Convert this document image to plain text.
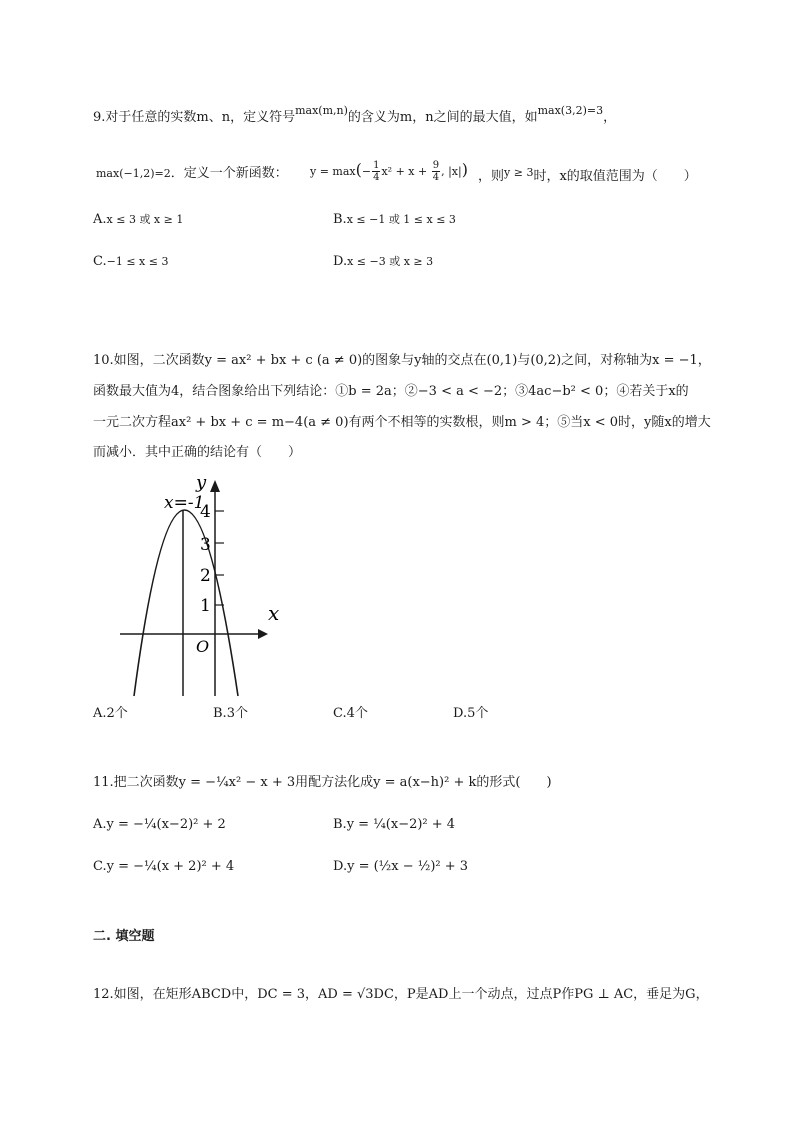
9.对于任意的实数m、n，定义符号$^{max(m,n)}$的含义为m，n之间的最大值，如$^{max(3,2)=3}$，
max(−1,2)=2．定义一个新函数： $y = \max(- \frac{1}{4} x^2 + x + \frac{9}{4}$ , |x|) ，则$^{y \ge 3}$时，x的取值范围为（　　）
A.x ≤ 3 或 x ≥ 1	B.x ≤ −1 或 1 ≤ x ≤ 3
C.−1 ≤ x ≤ 3	D.x ≤ −3 或 x ≥ 3
10.如图，二次函数y = ax² + bx + c (a ≠ 0)的图象与y轴的交点在(0,1)与(0,2)之间，对称轴为x = −1，
函数最大值为4，结合图象给出下列结论：①b = 2a；②−3 < a < −2；③4ac−b² < 0；④若关于x的
一元二次方程ax² + bx + c = m−4(a ≠ 0)有两个不相等的实数根，则m > 4；⑤当x < 0时，y随x的增大
而减小．其中正确的结论有（　　）
x
y
O
x=-1
4
3
2
1
A.2个	B.3个	C.4个	D.5个
11.把二次函数y = −¼x² − x + 3用配方法化成y = a(x−h)² + k的形式(　　)
A.y = −¼(x−2)² + 2	B.y = ¼(x−2)² + 4
C.y = −¼(x + 2)² + 4	D.y = (½x − ½)² + 3
二. 填空题
12.如图，在矩形ABCD中，DC = 3，AD = √3DC，P是AD上一个动点，过点P作PG ⊥ AC，垂足为G，
